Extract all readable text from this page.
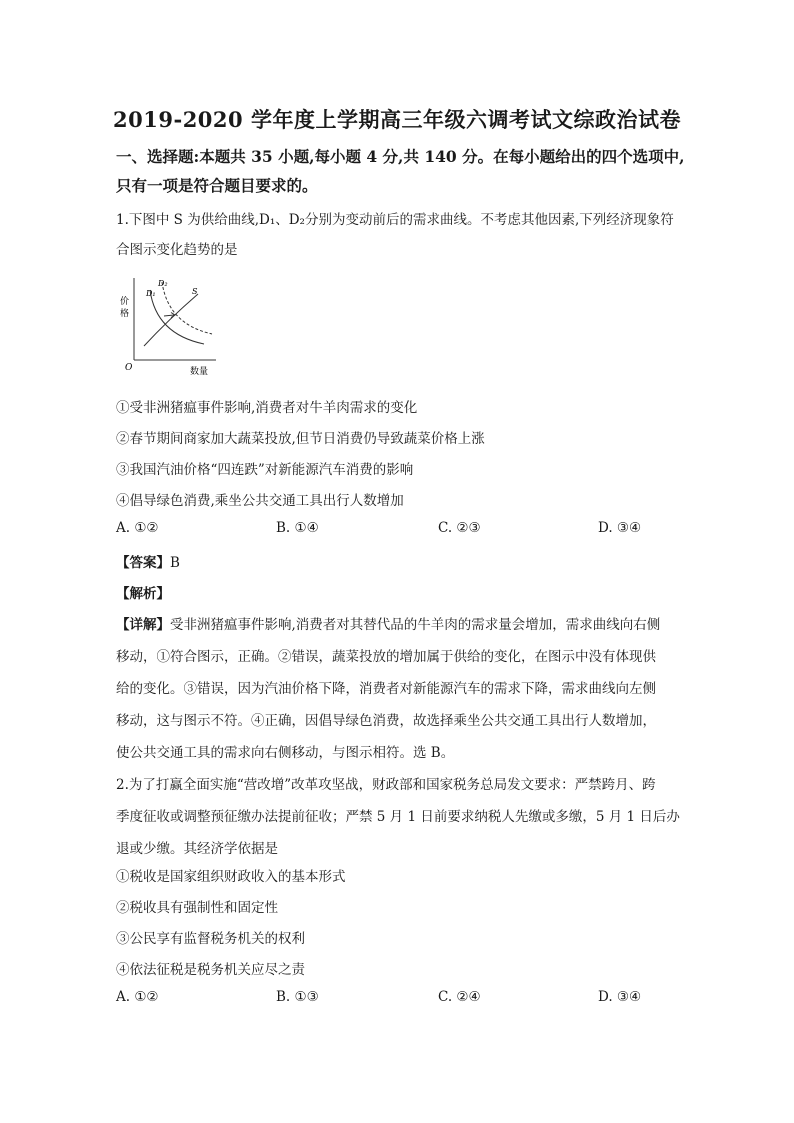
2019-2020 学年度上学期高三年级六调考试文综政治试卷
一、选择题:本题共 35 小题,每小题 4 分,共 140 分。在每小题给出的四个选项中,
只有一项是符合题目要求的。
1.下图中 S 为供给曲线,D₁、D₂分别为变动前后的需求曲线。不考虑其他因素,下列经济现象符
合图示变化趋势的是
价
格
数量
O
D₁
D₂
S
①受非洲猪瘟事件影响,消费者对牛羊肉需求的变化
②春节期间商家加大蔬菜投放,但节日消费仍导致蔬菜价格上涨
③我国汽油价格“四连跌”对新能源汽车消费的影响
④倡导绿色消费,乘坐公共交通工具出行人数增加
A. ①②	B. ①④	C. ②③	D. ③④
【答案】B
【解析】
【详解】受非洲猪瘟事件影响,消费者对其替代品的牛羊肉的需求量会增加，需求曲线向右侧
移动，①符合图示，正确。②错误，蔬菜投放的增加属于供给的变化，在图示中没有体现供
给的变化。③错误，因为汽油价格下降，消费者对新能源汽车的需求下降，需求曲线向左侧
移动，这与图示不符。④正确，因倡导绿色消费，故选择乘坐公共交通工具出行人数增加，
使公共交通工具的需求向右侧移动，与图示相符。选 B。
2.为了打赢全面实施“营改增”改革攻坚战，财政部和国家税务总局发文要求：严禁跨月、跨
季度征收或调整预征缴办法提前征收；严禁 5 月 1 日前要求纳税人先缴或多缴，5 月 1 日后办
退或少缴。其经济学依据是
①税收是国家组织财政收入的基本形式
②税收具有强制性和固定性
③公民享有监督税务机关的权利
④依法征税是税务机关应尽之责
A. ①②	B. ①③	C. ②④	D. ③④
